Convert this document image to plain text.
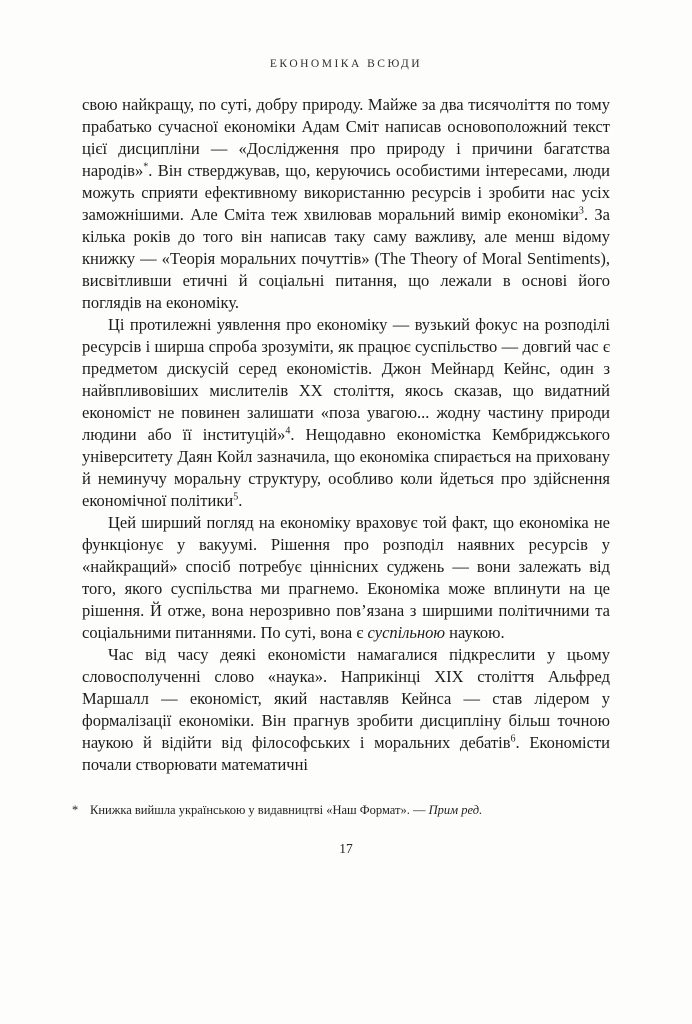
ЕКОНОМІКА ВСЮДИ

свою найкращу, по суті, добру природу. Майже за два тисячоліття по тому прабатько сучасної економіки Адам Сміт написав основоположний текст цієї дисципліни — «Дослідження про природу і причини багатства народів»*. Він стверджував, що, керуючись особистими інтересами, люди можуть сприяти ефективному використанню ресурсів і зробити нас усіх заможнішими. Але Сміта теж хвилював моральний вимір економіки$^3$. За кілька років до того він написав таку саму важливу, але менш відому книжку — «Теорія моральних почуттів» (The Theory of Moral Sentiments), висвітливши етичні й соціальні питання, що лежали в основі його поглядів на економіку.

Ці протилежні уявлення про економіку — вузький фокус на розподілі ресурсів і ширша спроба зрозуміти, як працює суспільство — довгий час є предметом дискусій серед економістів. Джон Мейнард Кейнс, один з найвпливовіших мислителів XX століття, якось сказав, що видатний економіст не повинен залишати «поза увагою... жодну частину природи людини або її інституцій»$^4$. Нещодавно економістка Кембриджського університету Даян Койл зазначила, що економіка спирається на приховану й неминучу моральну структуру, особливо коли йдеться про здійснення економічної політики$^5$.

Цей ширший погляд на економіку враховує той факт, що економіка не функціонує у вакуумі. Рішення про розподіл наявних ресурсів у «найкращий» спосіб потребує ціннісних суджень — вони залежать від того, якого суспільства ми прагнемо. Економіка може вплинути на це рішення. Й отже, вона нерозривно пов’язана з ширшими політичними та соціальними питаннями. По суті, вона є суспільною наукою.

Час від часу деякі економісти намагалися підкреслити у цьому словосполученні слово «наука». Наприкінці XIX століття Альфред Маршалл — економіст, який наставляв Кейнса — став лідером у формалізації економіки. Він прагнув зробити дисципліну більш точною наукою й відійти від філософських і моральних дебатів$^6$. Економісти почали створювати математичні

* Книжка вийшла українською у видавництві «Наш Формат». — Прим ред.
17
